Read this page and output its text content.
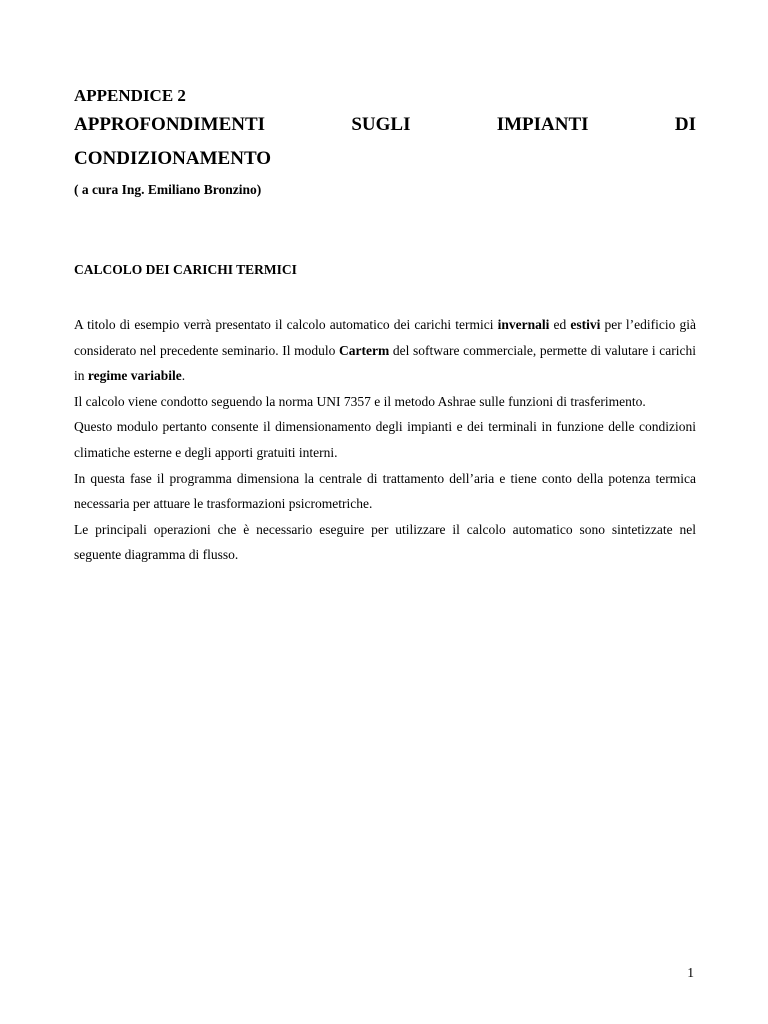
APPENDICE 2
APPROFONDIMENTI	SUGLI	IMPIANTI	DI
CONDIZIONAMENTO

( a cura Ing. Emiliano Bronzino)

CALCOLO DEI CARICHI TERMICI

A titolo di esempio verrà presentato il calcolo automatico dei carichi termici invernali ed estivi per l’edificio già considerato nel precedente seminario. Il modulo Carterm del software commerciale, permette di valutare i carichi in regime variabile.

Il calcolo viene condotto seguendo la norma UNI 7357 e il metodo Ashrae sulle funzioni di trasferimento.

Questo modulo pertanto consente il dimensionamento degli impianti e dei terminali in funzione delle condizioni climatiche esterne e degli apporti gratuiti interni.

In questa fase il programma dimensiona la centrale di trattamento dell’aria e tiene conto della potenza termica necessaria per attuare le trasformazioni psicrometriche.

Le principali operazioni che è necessario eseguire per utilizzare il calcolo automatico sono sintetizzate nel seguente diagramma di flusso.

1
